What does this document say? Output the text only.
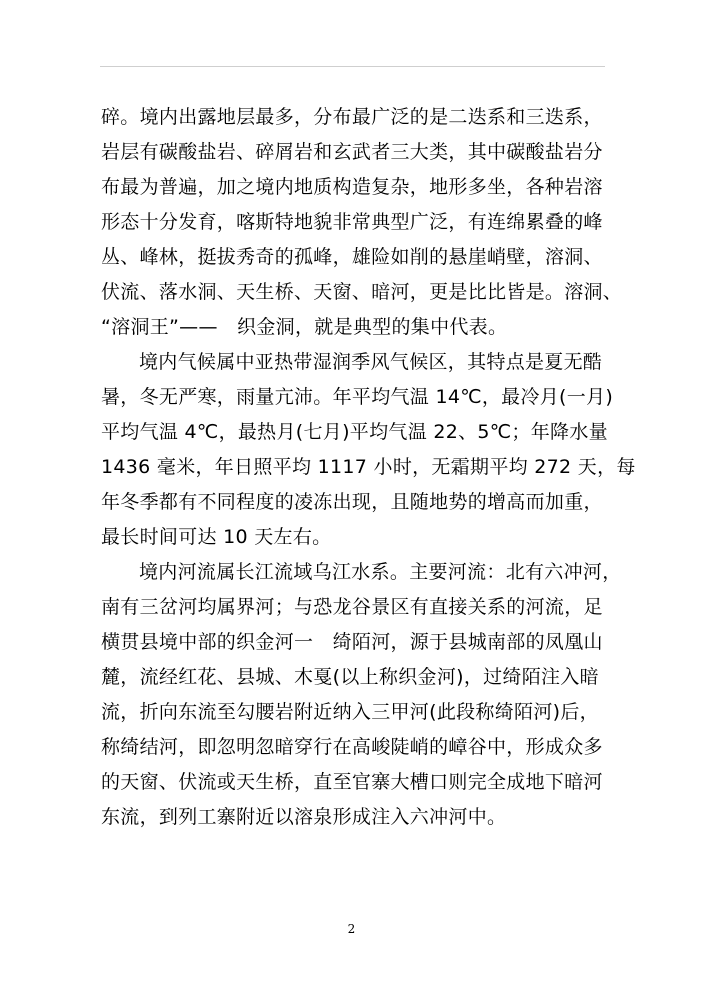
碎。境内出露地层最多，分布最广泛的是二迭系和三迭系，
岩层有碳酸盐岩、碎屑岩和玄武者三大类，其中碳酸盐岩分
布最为普遍，加之境内地质构造复杂，地形多坐，各种岩溶
形态十分发育，喀斯特地貌非常典型广泛，有连绵累叠的峰
丛、峰林，挺拔秀奇的孤峰，雄险如削的悬崖峭壁，溶洞、
伏流、落水洞、天生桥、天窗、暗河，更是比比皆是。溶洞、
“溶洞王”——　织金洞，就是典型的集中代表。
境内气候属中亚热带湿润季风气候区，其特点是夏无酷
暑，冬无严寒，雨量亢沛。年平均气温 14℃，最冷月(一月)
平均气温 4℃，最热月(七月)平均气温 22、5℃；年降水量
1436 毫米，年日照平均 1117 小时，无霜期平均 272 天，每
年冬季都有不同程度的凌冻出现，且随地势的增高而加重，
最长时间可达 10 天左右。
境内河流属长江流域乌江水系。主要河流：北有六冲河，
南有三岔河均属界河；与恐龙谷景区有直接关系的河流，足
横贯县境中部的织金河一　绮陌河，源于县城南部的凤凰山
麓，流经红花、县城、木戛(以上称织金河)，过绮陌注入暗
流，折向东流至勾腰岩附近纳入三甲河(此段称绮陌河)后，
称绮结河，即忽明忽暗穿行在高峻陡峭的嶂谷中，形成众多
的天窗、伏流或天生桥，直至官寨大槽口则完全成地下暗河
东流，到列工寨附近以溶泉形成注入六冲河中。
2
